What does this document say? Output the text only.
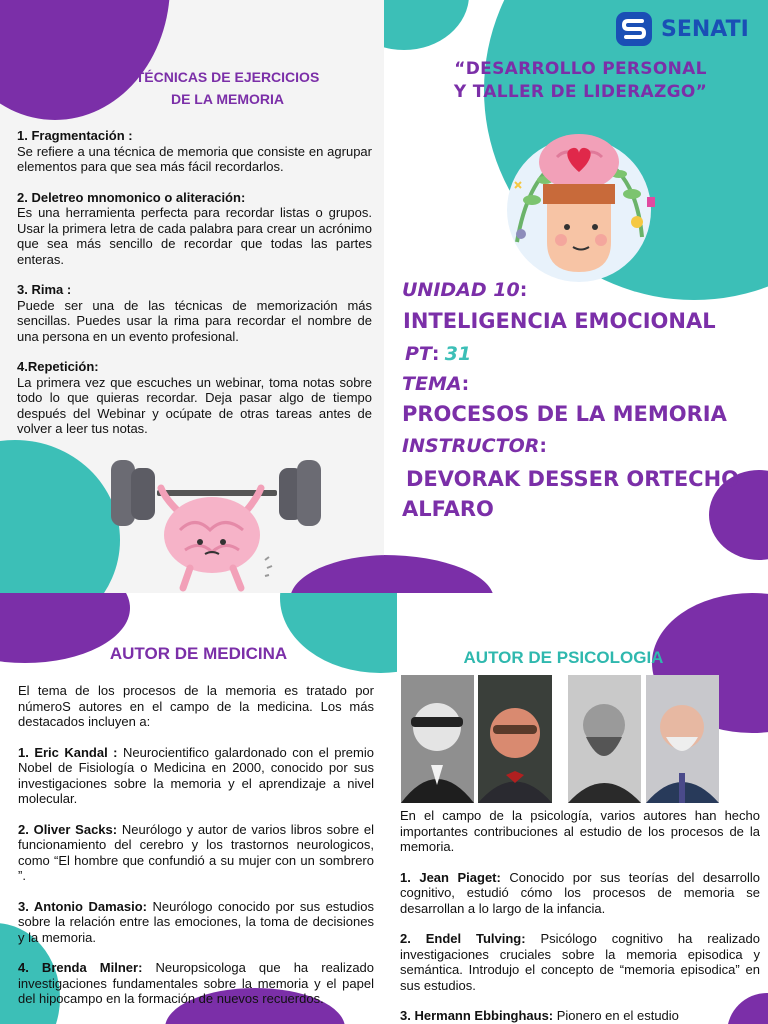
TÉCNICAS DE EJERCICIOS
DE LA MEMORIA
1. Fragmentación :
Se refiere a una técnica de memoria que consiste en agrupar elementos para que sea más fácil recordarlos.
2. Deletreo mnomonico o aliteración:
Es una herramienta perfecta para recordar listas o grupos. Usar la primera letra de cada palabra para crear un acrónimo que sea más sencillo de recordar que todas las partes enteras.
3. Rima :
Puede ser una de las técnicas de memorización más sencillas. Puedes usar la rima para recordar el nombre de una persona en un evento profesional.
4.Repetición:
La primera vez que escuches un webinar, toma notas sobre todo lo que quieras recordar. Deja pasar algo de tiempo después del Webinar y ocúpate de otras tareas antes de volver a leer tus notas.
SENATI
“DESARROLLO PERSONAL
Y TALLER DE LIDERAZGO”
UNIDAD 10:
INTELIGENCIA EMOCIONAL
PT: 31
TEMA:
PROCESOS DE LA MEMORIA
INSTRUCTOR:
DEVORAK DESSER ORTECHO
ALFARO
AUTOR DE MEDICINA
El tema de los procesos de la memoria es tratado por númeroS autores en el campo de la medicina. Los más destacados incluyen a:
1. Eric Kandal : Neurocientifico galardonado con el premio Nobel de Fisiología o Medicina en 2000, conocido por sus investigaciones sobre la memoria y el aprendizaje a nivel molecular.
2. Oliver Sacks: Neurólogo y autor de varios libros sobre el funcionamiento del cerebro y los trastornos neurologicos, como “El hombre que confundió a su mujer con un sombrero ”.
3. Antonio Damasio: Neurólogo conocido por sus estudios sobre la relación entre las emociones, la toma de decisiones y la memoria.
4. Brenda Milner: Neuropsicologa que ha realizado investigaciones fundamentales sobre la memoria y el papel del hipocampo en la formación de nuevos recuerdos.
AUTOR DE PSICOLOGIA
En el campo de la psicología, varios autores han hecho importantes contribuciones al estudio de los procesos de la memoria.
1. Jean Piaget: Conocido por sus teorías del desarrollo cognitivo, estudió cómo los procesos de memoria se desarrollan a lo largo de la infancia.
2. Endel Tulving: Psicólogo cognitivo ha realizado investigaciones cruciales sobre la memoria episodica y semántica. Introdujo el concepto de “memoria episodica” en sus estudios.
3. Hermann Ebbinghaus: Pionero en el estudio
